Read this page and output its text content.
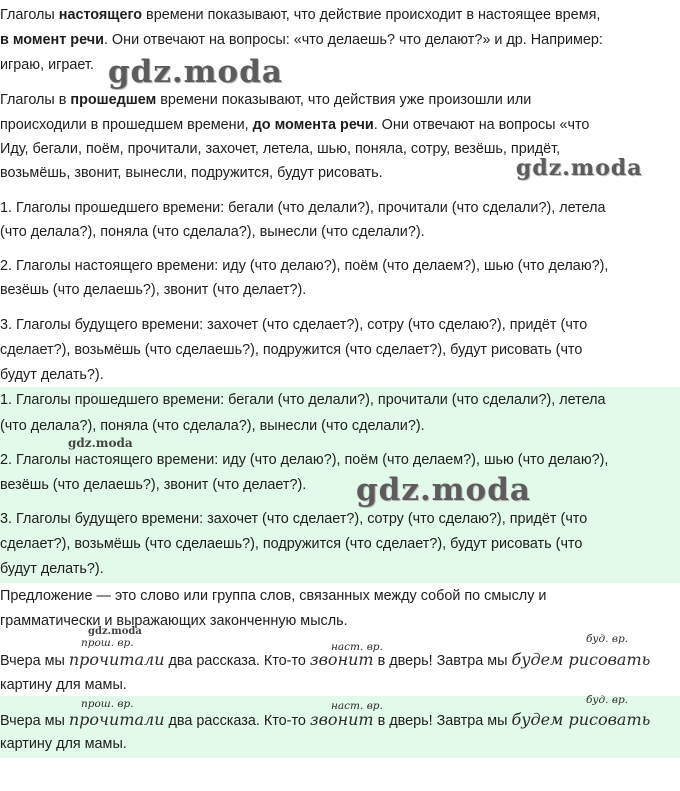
Глаголы настоящего времени показывают, что действие происходит в настоящее время,
в момент речи. Они отвечают на вопросы: «что делаешь? что делают?» и др. Например:
играю, играет.
Глаголы в прошедшем времени показывают, что действия уже произошли или
происходили в прошедшем времени, до момента речи. Они отвечают на вопросы «что
Иду, бегали, поём, прочитали, захочет, летела, шью, поняла, сотру, везёшь, придёт,
возьмёшь, звонит, вынесли, подружится, будут рисовать.
1. Глаголы прошедшего времени: бегали (что делали?), прочитали (что сделали?), летела
(что делала?), поняла (что сделала?), вынесли (что сделали?).
2. Глаголы настоящего времени: иду (что делаю?), поём (что делаем?), шью (что делаю?),
везёшь (что делаешь?), звонит (что делает?).
3. Глаголы будущего времени: захочет (что сделает?), сотру (что сделаю?), придёт (что
сделает?), возьмёшь (что сделаешь?), подружится (что сделает?), будут рисовать (что
будут делать?).
1. Глаголы прошедшего времени: бегали (что делали?), прочитали (что сделали?), летела
(что делала?), поняла (что сделала?), вынесли (что сделали?).
2. Глаголы настоящего времени: иду (что делаю?), поём (что делаем?), шью (что делаю?),
везёшь (что делаешь?), звонит (что делает?).
3. Глаголы будущего времени: захочет (что сделает?), сотру (что сделаю?), придёт (что
сделает?), возьмёшь (что сделаешь?), подружится (что сделает?), будут рисовать (что
будут делать?).
Предложение — это слово или группа слов, связанных между собой по смыслу и
грамматически и выражающих законченную мысль.
прош. вр.	наст. вр.
буд. вр.
Вчера мы прочитали два рассказа. Кто-то звонит в дверь! Завтра мы будем рисовать
картину для мамы.
прош. вр.	наст. вр.	буд. вр.
Вчера мы прочитали два рассказа. Кто-то звонит в дверь! Завтра мы будем рисовать
картину для мамы.
gdz.moda
gdz.moda
gdz.moda
gdz.moda
gdz.moda
